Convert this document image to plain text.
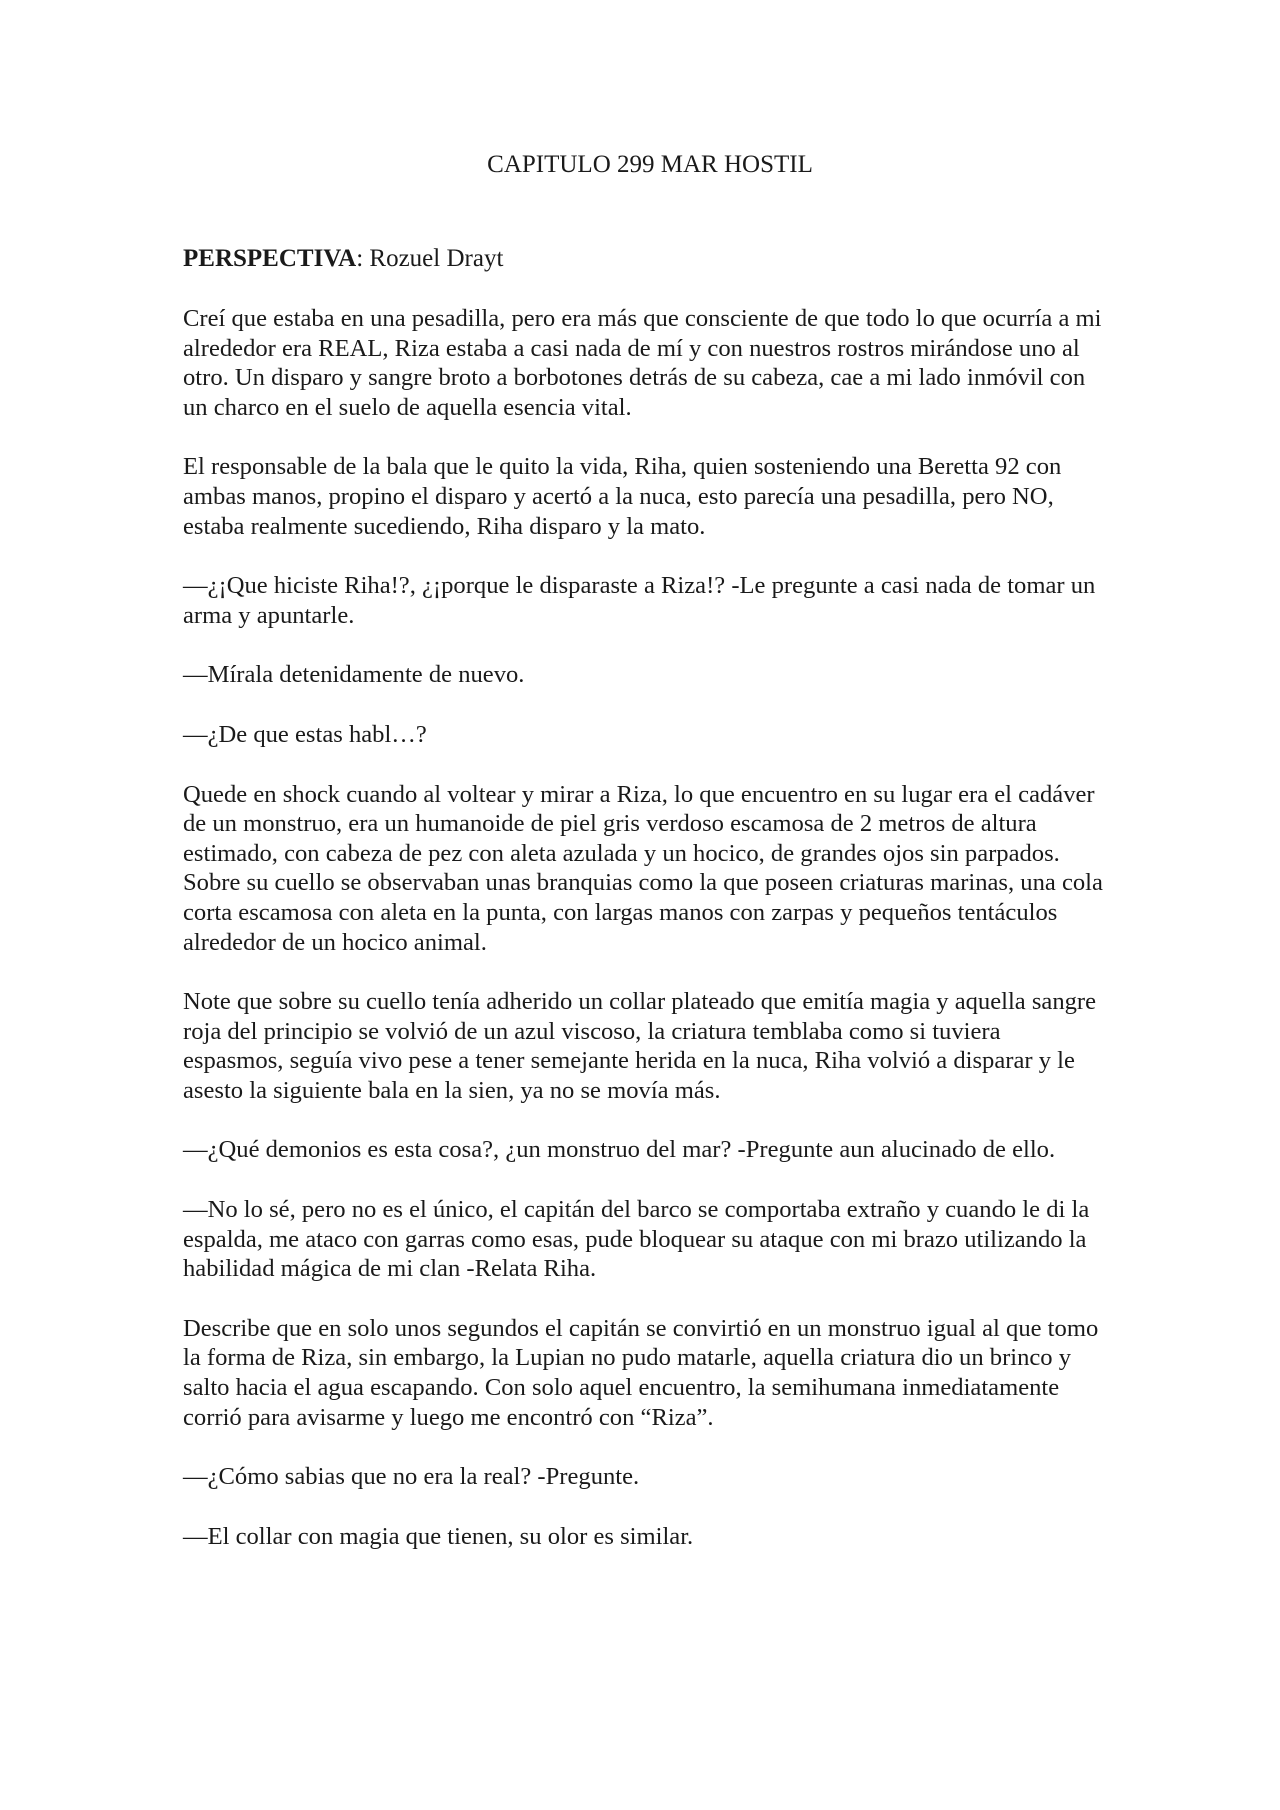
CAPITULO 299 MAR HOSTIL

PERSPECTIVA: Rozuel Drayt

Creí que estaba en una pesadilla, pero era más que consciente de que todo lo que ocurría a mi alrededor era REAL, Riza estaba a casi nada de mí y con nuestros rostros mirándose uno al otro. Un disparo y sangre broto a borbotones detrás de su cabeza, cae a mi lado inmóvil con un charco en el suelo de aquella esencia vital.

El responsable de la bala que le quito la vida, Riha, quien sosteniendo una Beretta 92 con ambas manos, propino el disparo y acertó a la nuca, esto parecía una pesadilla, pero NO, estaba realmente sucediendo, Riha disparo y la mato.

—¿¡Que hiciste Riha!?, ¿¡porque le disparaste a Riza!? -Le pregunte a casi nada de tomar un arma y apuntarle.

—Mírala detenidamente de nuevo.

—¿De que estas habl…?

Quede en shock cuando al voltear y mirar a Riza, lo que encuentro en su lugar era el cadáver de un monstruo, era un humanoide de piel gris verdoso escamosa de 2 metros de altura estimado, con cabeza de pez con aleta azulada y un hocico, de grandes ojos sin parpados. Sobre su cuello se observaban unas branquias como la que poseen criaturas marinas, una cola corta escamosa con aleta en la punta, con largas manos con zarpas y pequeños tentáculos alrededor de un hocico animal.

Note que sobre su cuello tenía adherido un collar plateado que emitía magia y aquella sangre roja del principio se volvió de un azul viscoso, la criatura temblaba como si tuviera espasmos, seguía vivo pese a tener semejante herida en la nuca, Riha volvió a disparar y le asesto la siguiente bala en la sien, ya no se movía más.

—¿Qué demonios es esta cosa?, ¿un monstruo del mar? -Pregunte aun alucinado de ello.

—No lo sé, pero no es el único, el capitán del barco se comportaba extraño y cuando le di la espalda, me ataco con garras como esas, pude bloquear su ataque con mi brazo utilizando la habilidad mágica de mi clan -Relata Riha.

Describe que en solo unos segundos el capitán se convirtió en un monstruo igual al que tomo la forma de Riza, sin embargo, la Lupian no pudo matarle, aquella criatura dio un brinco y salto hacia el agua escapando. Con solo aquel encuentro, la semihumana inmediatamente corrió para avisarme y luego me encontró con “Riza”.

—¿Cómo sabias que no era la real? -Pregunte.

—El collar con magia que tienen, su olor es similar.
